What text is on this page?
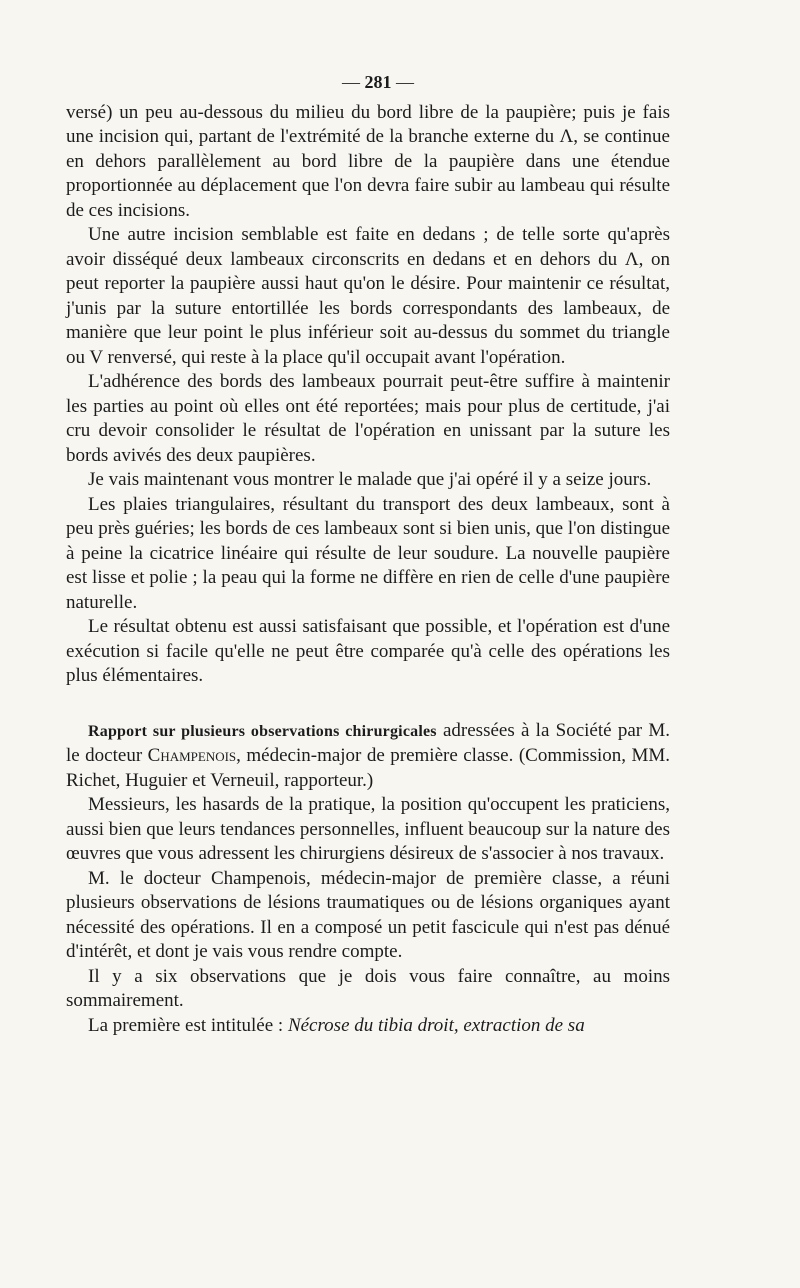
— 281 —

versé) un peu au-dessous du milieu du bord libre de la paupière; puis je fais une incision qui, partant de l'extrémité de la branche externe du Λ, se continue en dehors parallèlement au bord libre de la paupière dans une étendue proportionnée au déplacement que l'on devra faire subir au lambeau qui résulte de ces incisions.

Une autre incision semblable est faite en dedans ; de telle sorte qu'après avoir disséqué deux lambeaux circonscrits en dedans et en dehors du Λ, on peut reporter la paupière aussi haut qu'on le désire. Pour maintenir ce résultat, j'unis par la suture entortillée les bords correspondants des lambeaux, de manière que leur point le plus inférieur soit au-dessus du sommet du triangle ou V renversé, qui reste à la place qu'il occupait avant l'opération.

L'adhérence des bords des lambeaux pourrait peut-être suffire à maintenir les parties au point où elles ont été reportées; mais pour plus de certitude, j'ai cru devoir consolider le résultat de l'opération en unissant par la suture les bords avivés des deux paupières.

Je vais maintenant vous montrer le malade que j'ai opéré il y a seize jours.

Les plaies triangulaires, résultant du transport des deux lambeaux, sont à peu près guéries; les bords de ces lambeaux sont si bien unis, que l'on distingue à peine la cicatrice linéaire qui résulte de leur soudure. La nouvelle paupière est lisse et polie ; la peau qui la forme ne diffère en rien de celle d'une paupière naturelle.

Le résultat obtenu est aussi satisfaisant que possible, et l'opération est d'une exécution si facile qu'elle ne peut être comparée qu'à celle des opérations les plus élémentaires.

Rapport sur plusieurs observations chirurgicales adressées à la Société par M. le docteur Champenois, médecin-major de première classe. (Commission, MM. Richet, Huguier et Verneuil, rapporteur.)

Messieurs, les hasards de la pratique, la position qu'occupent les praticiens, aussi bien que leurs tendances personnelles, influent beaucoup sur la nature des œuvres que vous adressent les chirurgiens désireux de s'associer à nos travaux.

M. le docteur Champenois, médecin-major de première classe, a réuni plusieurs observations de lésions traumatiques ou de lésions organiques ayant nécessité des opérations. Il en a composé un petit fascicule qui n'est pas dénué d'intérêt, et dont je vais vous rendre compte.

Il y a six observations que je dois vous faire connaître, au moins sommairement.

La première est intitulée : Nécrose du tibia droit, extraction de sa
